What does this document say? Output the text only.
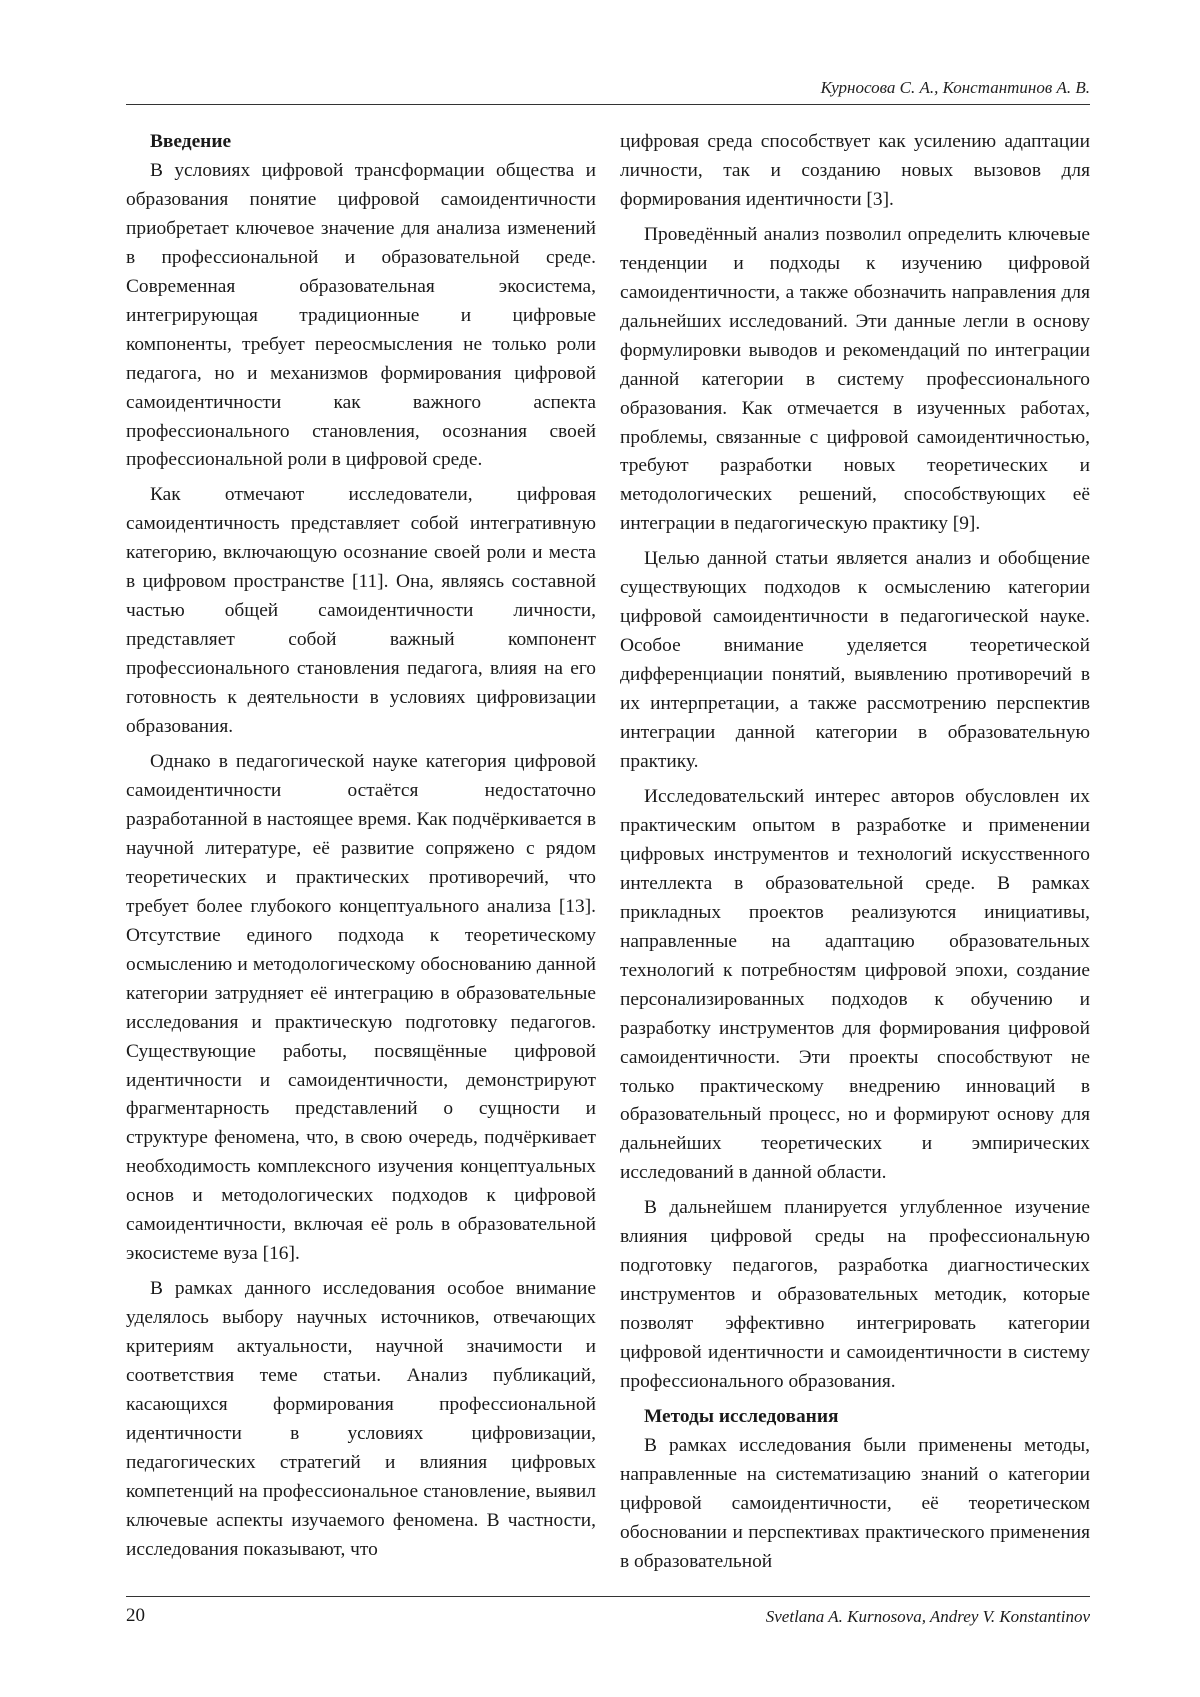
Курносова С. А., Константинов А. В.
Введение

В условиях цифровой трансформации общества и образования понятие цифровой самоидентичности приобретает ключевое значение для анализа изменений в профессиональной и образовательной среде. Современная образовательная экосистема, интегрирующая традиционные и цифровые компоненты, требует переосмысления не только роли педагога, но и механизмов формирования цифровой самоидентичности как важного аспекта профессионального становления, осознания своей профессиональной роли в цифровой среде.

Как отмечают исследователи, цифровая самоидентичность представляет собой интегративную категорию, включающую осознание своей роли и места в цифровом пространстве [11]. Она, являясь составной частью общей самоидентичности личности, представляет собой важный компонент профессионального становления педагога, влияя на его готовность к деятельности в условиях цифровизации образования.

Однако в педагогической науке категория цифровой самоидентичности остаётся недостаточно разработанной в настоящее время. Как подчёркивается в научной литературе, её развитие сопряжено с рядом теоретических и практических противоречий, что требует более глубокого концептуального анализа [13]. Отсутствие единого подхода к теоретическому осмыслению и методологическому обоснованию данной категории затрудняет её интеграцию в образовательные исследования и практическую подготовку педагогов. Существующие работы, посвящённые цифровой идентичности и самоидентичности, демонстрируют фрагментарность представлений о сущности и структуре феномена, что, в свою очередь, подчёркивает необходимость комплексного изучения концептуальных основ и методологических подходов к цифровой самоидентичности, включая её роль в образовательной экосистеме вуза [16].

В рамках данного исследования особое внимание уделялось выбору научных источников, отвечающих критериям актуальности, научной значимости и соответствия теме статьи. Анализ публикаций, касающихся формирования профессиональной идентичности в условиях цифровизации, педагогических стратегий и влияния цифровых компетенций на профессиональное становление, выявил ключевые аспекты изучаемого феномена. В частности, исследования показывают, что

цифровая среда способствует как усилению адаптации личности, так и созданию новых вызовов для формирования идентичности [3].

Проведённый анализ позволил определить ключевые тенденции и подходы к изучению цифровой самоидентичности, а также обозначить направления для дальнейших исследований. Эти данные легли в основу формулировки выводов и рекомендаций по интеграции данной категории в систему профессионального образования. Как отмечается в изученных работах, проблемы, связанные с цифровой самоидентичностью, требуют разработки новых теоретических и методологических решений, способствующих её интеграции в педагогическую практику [9].

Целью данной статьи является анализ и обобщение существующих подходов к осмыслению категории цифровой самоидентичности в педагогической науке. Особое внимание уделяется теоретической дифференциации понятий, выявлению противоречий в их интерпретации, а также рассмотрению перспектив интеграции данной категории в образовательную практику.

Исследовательский интерес авторов обусловлен их практическим опытом в разработке и применении цифровых инструментов и технологий искусственного интеллекта в образовательной среде. В рамках прикладных проектов реализуются инициативы, направленные на адаптацию образовательных технологий к потребностям цифровой эпохи, создание персонализированных подходов к обучению и разработку инструментов для формирования цифровой самоидентичности. Эти проекты способствуют не только практическому внедрению инноваций в образовательный процесс, но и формируют основу для дальнейших теоретических и эмпирических исследований в данной области.

В дальнейшем планируется углубленное изучение влияния цифровой среды на профессиональную подготовку педагогов, разработка диагностических инструментов и образовательных методик, которые позволят эффективно интегрировать категории цифровой идентичности и самоидентичности в систему профессионального образования.

Методы исследования

В рамках исследования были применены методы, направленные на систематизацию знаний о категории цифровой самоидентичности, её теоретическом обосновании и перспективах практического применения в образовательной

20	Svetlana A. Kurnosova, Andrey V. Konstantinov
